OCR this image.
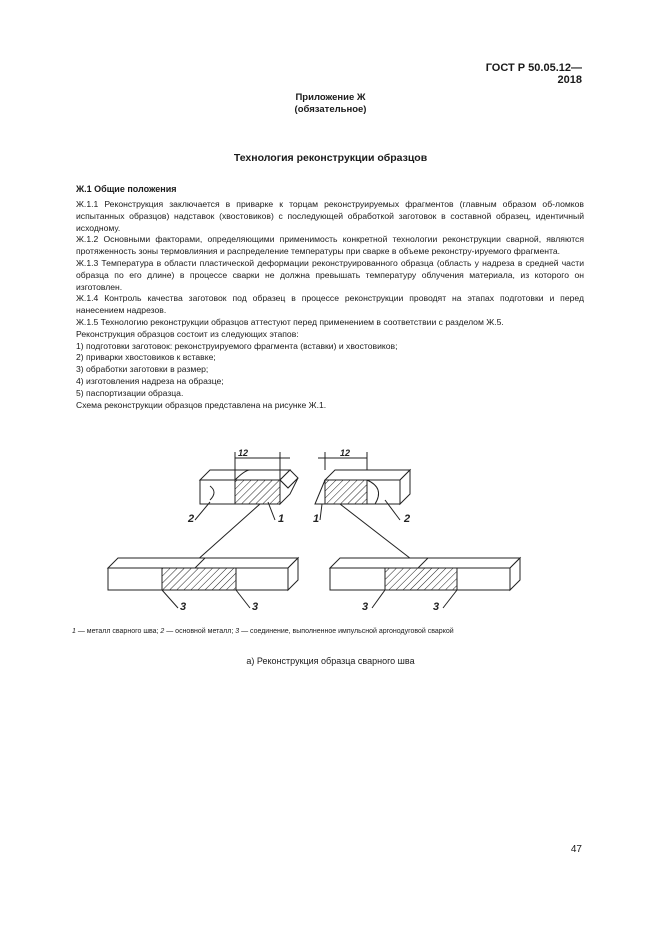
ГОСТ Р 50.05.12—2018
Приложение Ж
(обязательное)
Технология реконструкции образцов
Ж.1 Общие положения

Ж.1.1 Реконструкция заключается в приварке к торцам реконструируемых фрагментов (главным образом об-ломков испытанных образцов) надставок (хвостовиков) с последующей обработкой заготовок в составной образец, идентичный исходному.

Ж.1.2 Основными факторами, определяющими применимость конкретной технологии реконструкции сварной, являются протяженность зоны термовлияния и распределение температуры при сварке в объеме реконстру-ируемого фрагмента.

Ж.1.3 Температура в области пластической деформации реконструированного образца (область у надреза в средней части образца по его длине) в процессе сварки не должна превышать температуру облучения материала, из которого он изготовлен.

Ж.1.4 Контроль качества заготовок под образец в процессе реконструкции проводят на этапах подготовки и перед нанесением надрезов.

Ж.1.5 Технологию реконструкции образцов аттестуют перед применением в соответствии с разделом Ж.5.

Реконструкция образцов состоит из следующих этапов:

1) подготовки заготовок: реконструируемого фрагмента (вставки) и хвостовиков;

2) приварки хвостовиков к вставке;

3) обработки заготовки в размер;

4) изготовления надреза на образце;

5) паспортизации образца.

Схема реконструкции образцов представлена на рисунке Ж.1.

12	12
2	1	1	2
3	3	3	3
1 — металл сварного шва; 2 — основной металл; 3 — соединение, выполненное импульсной аргонодуговой сваркой
а) Реконструкция образца сварного шва
47
